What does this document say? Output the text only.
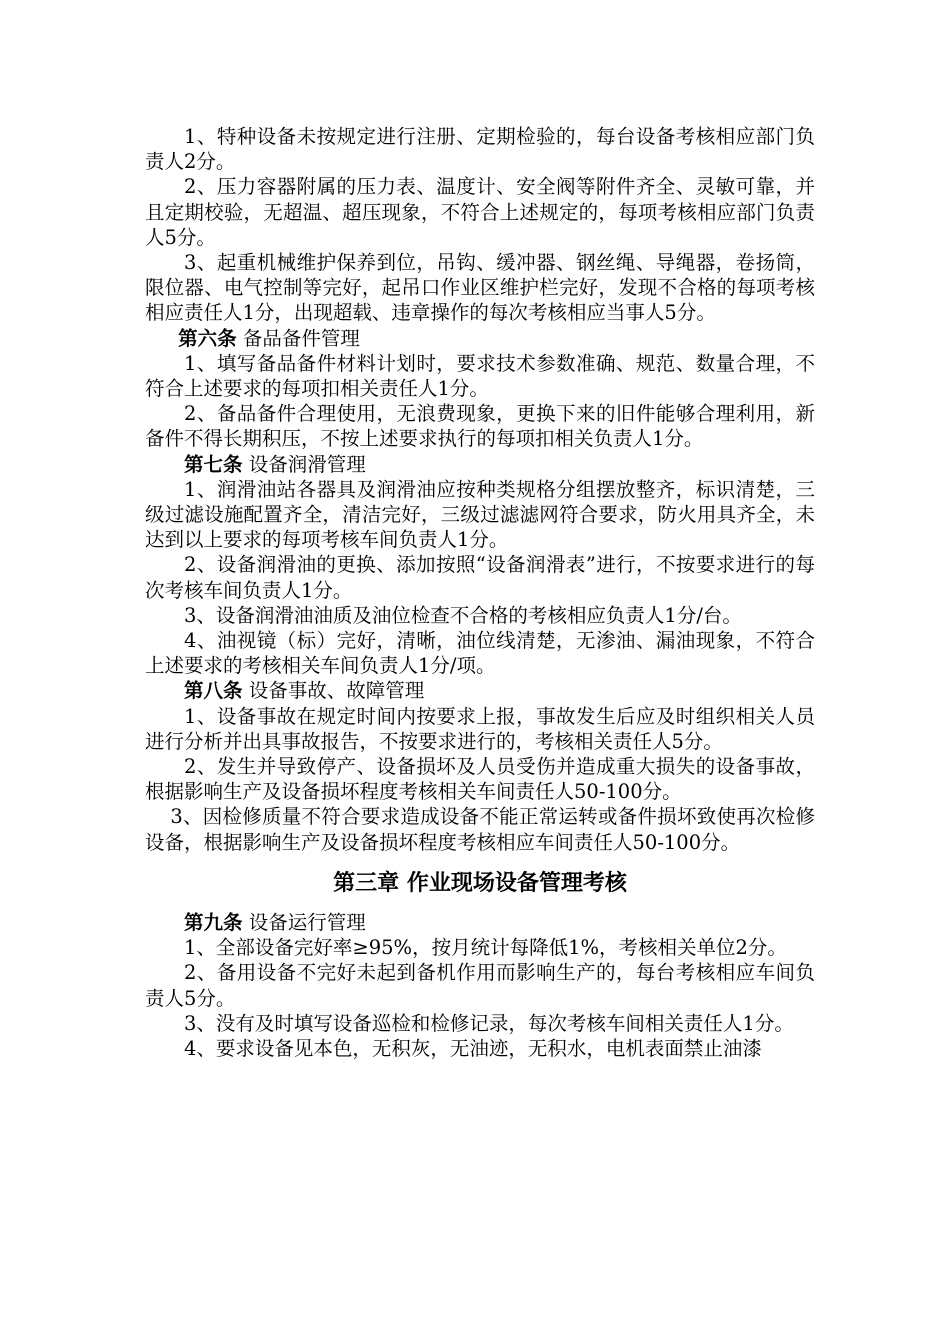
1、特种设备未按规定进行注册、定期检验的，每台设备考核相应部门负责人2分。

2、压力容器附属的压力表、温度计、安全阀等附件齐全、灵敏可靠，并且定期校验，无超温、超压现象，不符合上述规定的，每项考核相应部门负责人5分。

3、起重机械维护保养到位，吊钩、缓冲器、钢丝绳、导绳器，卷扬筒，限位器、电气控制等完好，起吊口作业区维护栏完好，发现不合格的每项考核相应责任人1分，出现超载、违章操作的每次考核相应当事人5分。

第六条 备品备件管理

1、填写备品备件材料计划时，要求技术参数准确、规范、数量合理，不符合上述要求的每项扣相关责任人1分。

2、备品备件合理使用，无浪费现象，更换下来的旧件能够合理利用，新备件不得长期积压，不按上述要求执行的每项扣相关负责人1分。

第七条 设备润滑管理

1、润滑油站各器具及润滑油应按种类规格分组摆放整齐，标识清楚，三级过滤设施配置齐全，清洁完好，三级过滤滤网符合要求，防火用具齐全，未达到以上要求的每项考核车间负责人1分。

2、设备润滑油的更换、添加按照“设备润滑表”进行，不按要求进行的每次考核车间负责人1分。

3、设备润滑油油质及油位检查不合格的考核相应负责人1分/台。

4、油视镜（标）完好，清晰，油位线清楚，无渗油、漏油现象，不符合上述要求的考核相关车间负责人1分/项。

第八条 设备事故、故障管理

1、设备事故在规定时间内按要求上报，事故发生后应及时组织相关人员进行分析并出具事故报告，不按要求进行的，考核相关责任人5分。

2、发生并导致停产、设备损坏及人员受伤并造成重大损失的设备事故，根据影响生产及设备损坏程度考核相关车间责任人50-100分。

3、因检修质量不符合要求造成设备不能正常运转或备件损坏致使再次检修设备，根据影响生产及设备损坏程度考核相应车间责任人50-100分。

第三章 作业现场设备管理考核

第九条 设备运行管理

1、全部设备完好率≥95%，按月统计每降低1%，考核相关单位2分。

2、备用设备不完好未起到备机作用而影响生产的，每台考核相应车间负责人5分。

3、没有及时填写设备巡检和检修记录，每次考核车间相关责任人1分。

4、要求设备见本色，无积灰，无油迹，无积水，电机表面禁止油漆
